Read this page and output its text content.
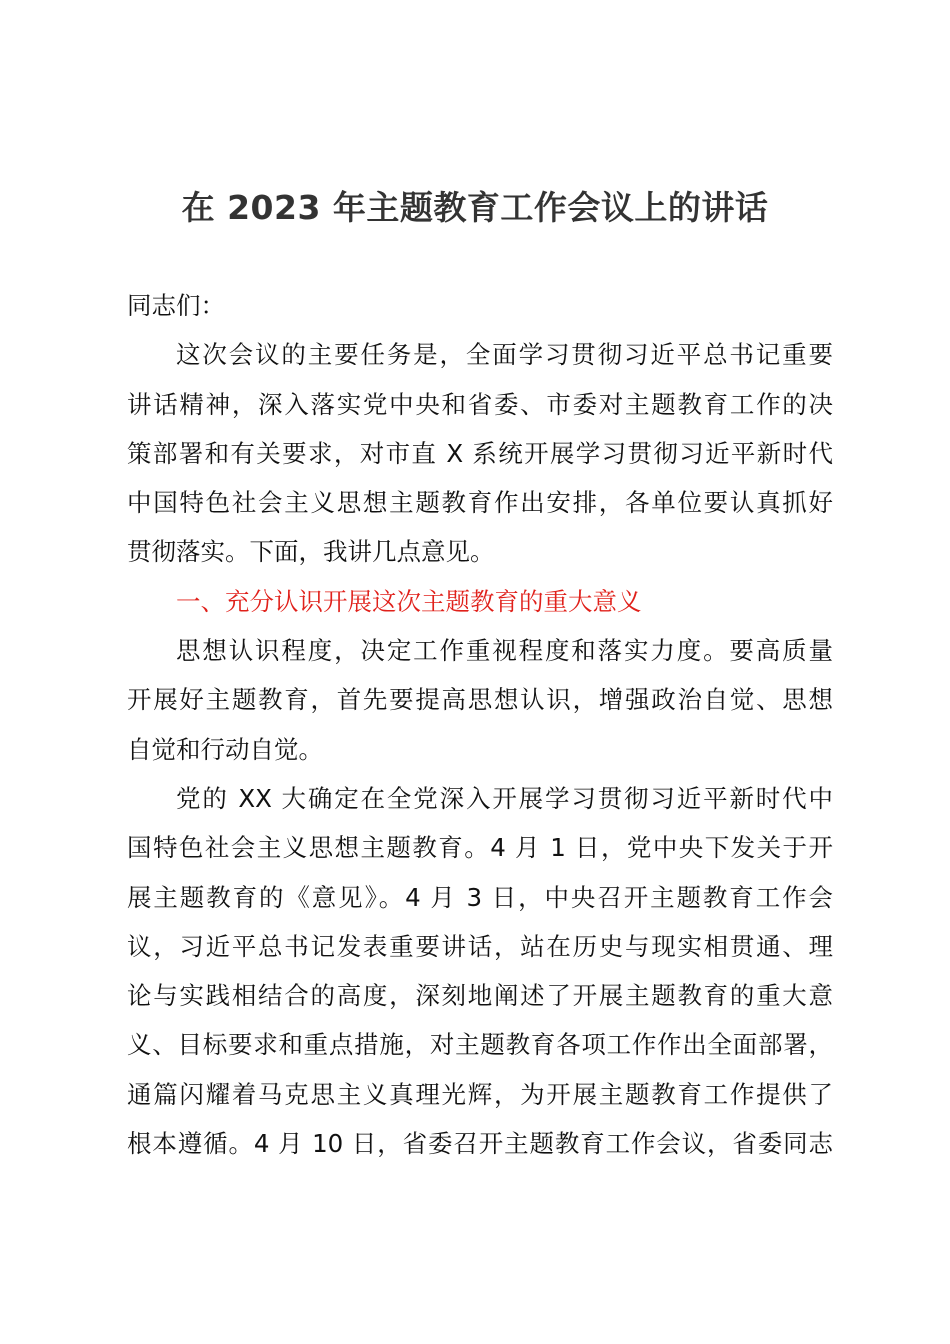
在 2023 年主题教育工作会议上的讲话
同志们：
这次会议的主要任务是，全面学习贯彻习近平总书记重要
讲话精神，深入落实党中央和省委、市委对主题教育工作的决
策部署和有关要求，对市直 X 系统开展学习贯彻习近平新时代
中国特色社会主义思想主题教育作出安排，各单位要认真抓好
贯彻落实。下面，我讲几点意见。
一、充分认识开展这次主题教育的重大意义
思想认识程度，决定工作重视程度和落实力度。要高质量
开展好主题教育，首先要提高思想认识，增强政治自觉、思想
自觉和行动自觉。
党的 XX 大确定在全党深入开展学习贯彻习近平新时代中
国特色社会主义思想主题教育。4 月 1 日，党中央下发关于开
展主题教育的《意见》。4 月 3 日，中央召开主题教育工作会
议，习近平总书记发表重要讲话，站在历史与现实相贯通、理
论与实践相结合的高度，深刻地阐述了开展主题教育的重大意
义、目标要求和重点措施，对主题教育各项工作作出全面部署，
通篇闪耀着马克思主义真理光辉，为开展主题教育工作提供了
根本遵循。4 月 10 日，省委召开主题教育工作会议，省委同志
